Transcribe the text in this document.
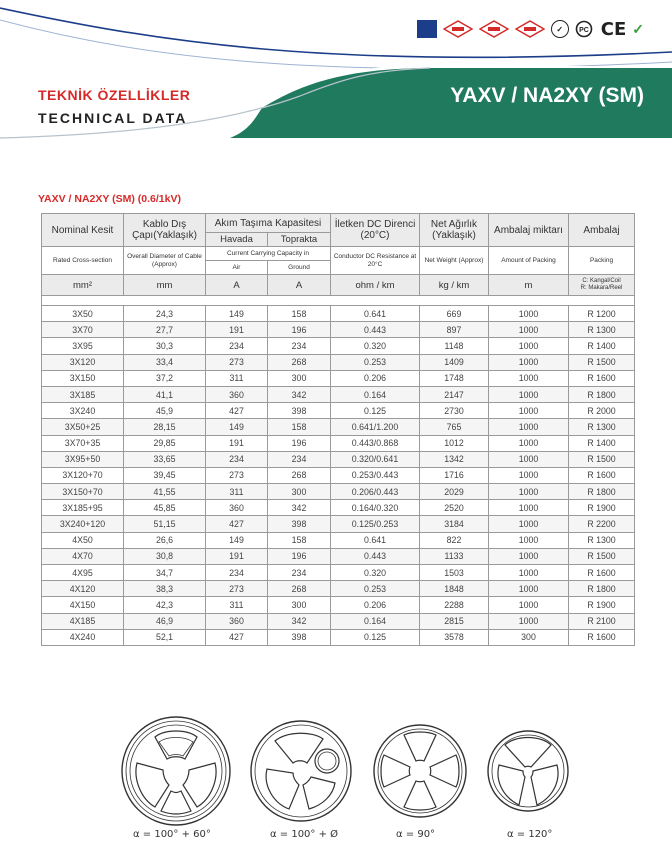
✓	PC CE ✓
TEKNİK ÖZELLİKLER
TECHNICAL DATA
YAXV / NA2XY (SM)
YAXV / NA2XY (SM) (0.6/1kV)
Nominal Kesit	Kablo Dış Çapı(Yaklaşık)	Akım Taşıma Kapasitesi		İletken DC Direnci (20°C)	Net Ağırlık (Yaklaşık)	Ambalaj miktarı	Ambalaj
		Havada	Toprakta				
Rated Cross-section	Overall Diameter of Cable (Approx)	Current Carrying Capacity in		Conductor DC Resistance at 20°C	Net Weight (Approx)	Amount of Packing	Packing
		Air	Ground				
mm²	mm	A	A	ohm / km	kg / km	m	C: Kangal/Coil
R: Makara/Reel

3X50	24,3	149	158	0.641	669	1000	R 1200
3X70	27,7	191	196	0.443	897	1000	R 1300
3X95	30,3	234	234	0.320	1148	1000	R 1400
3X120	33,4	273	268	0.253	1409	1000	R 1500
3X150	37,2	311	300	0.206	1748	1000	R 1600
3X185	41,1	360	342	0.164	2147	1000	R 1800
3X240	45,9	427	398	0.125	2730	1000	R 2000
3X50+25	28,15	149	158	0.641/1.200	765	1000	R 1300
3X70+35	29,85	191	196	0.443/0.868	1012	1000	R 1400
3X95+50	33,65	234	234	0.320/0.641	1342	1000	R 1500
3X120+70	39,45	273	268	0.253/0.443	1716	1000	R 1600
3X150+70	41,55	311	300	0.206/0.443	2029	1000	R 1800
3X185+95	45,85	360	342	0.164/0.320	2520	1000	R 1900
3X240+120	51,15	427	398	0.125/0.253	3184	1000	R 2200
4X50	26,6	149	158	0.641	822	1000	R 1300
4X70	30,8	191	196	0.443	1133	1000	R 1500
4X95	34,7	234	234	0.320	1503	1000	R 1600
4X120	38,3	273	268	0.253	1848	1000	R 1800
4X150	42,3	311	300	0.206	2288	1000	R 1900
4X185	46,9	360	342	0.164	2815	1000	R 2100
4X240	52,1	427	398	0.125	3578	300	R 1600
α = 100° + 60°	α = 100° + Ø	α = 90°	α = 120°
